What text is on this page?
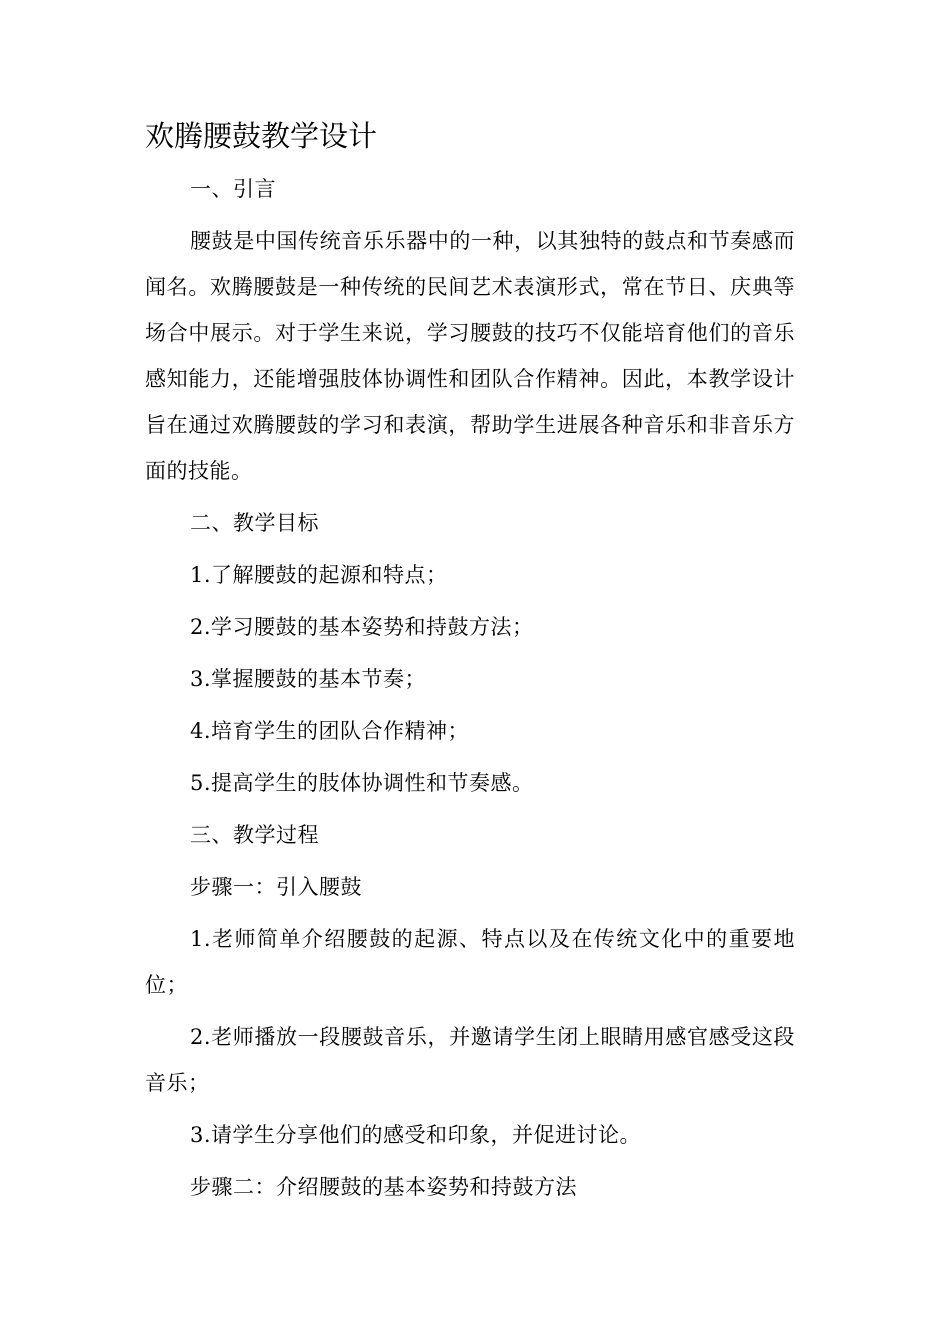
欢腾腰鼓教学设计
一、引言
腰鼓是中国传统音乐乐器中的一种，以其独特的鼓点和节奏感而闻名。欢腾腰鼓是一种传统的民间艺术表演形式，常在节日、庆典等场合中展示。对于学生来说，学习腰鼓的技巧不仅能培育他们的音乐感知能力，还能增强肢体协调性和团队合作精神。因此，本教学设计旨在通过欢腾腰鼓的学习和表演，帮助学生进展各种音乐和非音乐方面的技能。
二、教学目标
1.了解腰鼓的起源和特点；
2.学习腰鼓的基本姿势和持鼓方法；
3.掌握腰鼓的基本节奏；
4.培育学生的团队合作精神；
5.提高学生的肢体协调性和节奏感。
三、教学过程
步骤一：引入腰鼓
1.老师简单介绍腰鼓的起源、特点以及在传统文化中的重要地位；
2.老师播放一段腰鼓音乐，并邀请学生闭上眼睛用感官感受这段音乐；
3.请学生分享他们的感受和印象，并促进讨论。
步骤二：介绍腰鼓的基本姿势和持鼓方法
